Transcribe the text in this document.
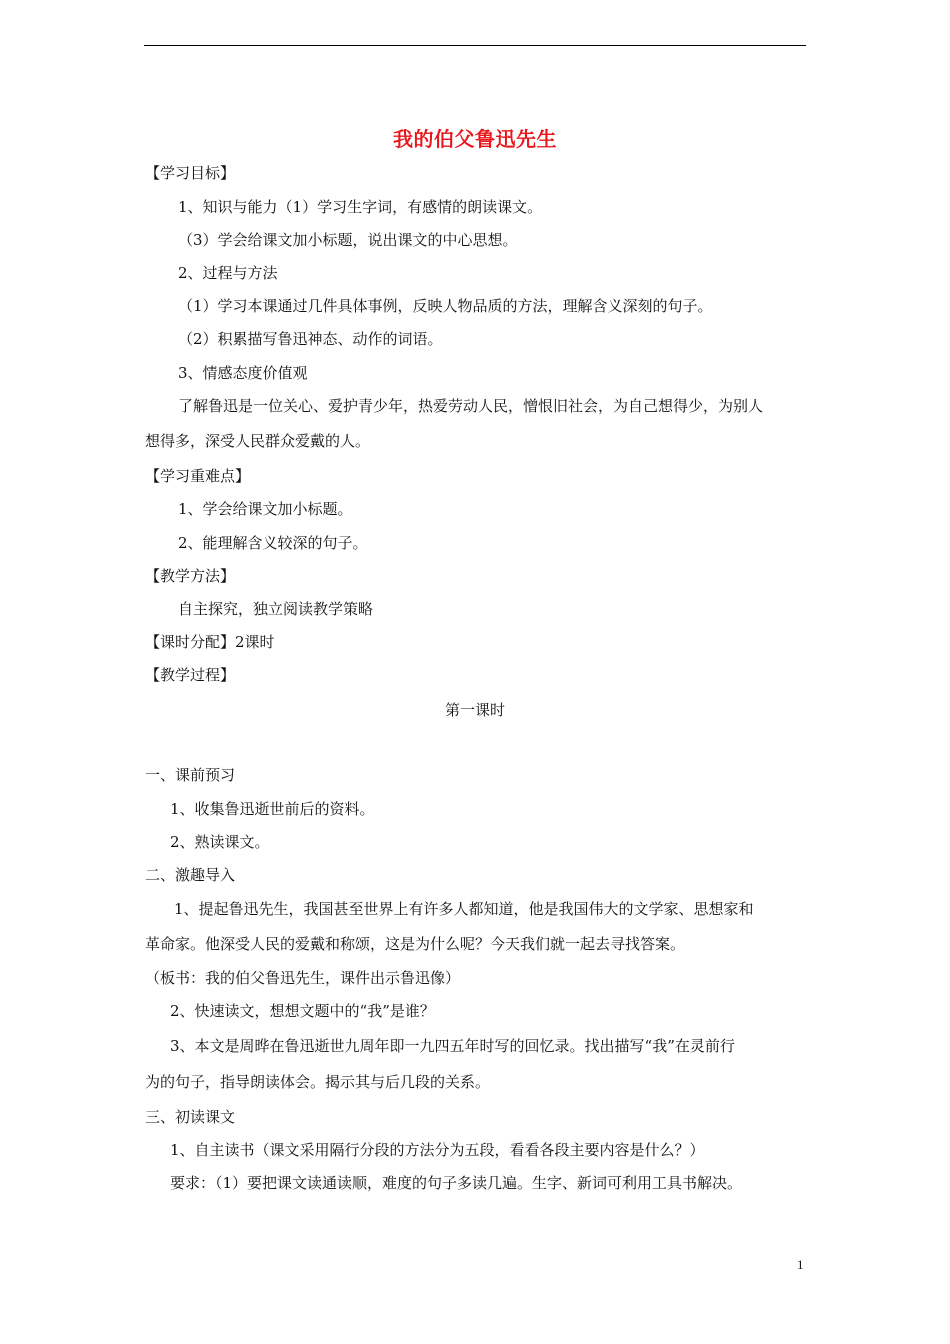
我的伯父鲁迅先生
【学习目标】
1、知识与能力（1）学习生字词，有感情的朗读课文。
（3）学会给课文加小标题，说出课文的中心思想。
2、过程与方法
（1）学习本课通过几件具体事例，反映人物品质的方法，理解含义深刻的句子。
（2）积累描写鲁迅神态、动作的词语。
3、情感态度价值观
了解鲁迅是一位关心、爱护青少年，热爱劳动人民，憎恨旧社会，为自己想得少，为别人
想得多，深受人民群众爱戴的人。
【学习重难点】
1、学会给课文加小标题。
2、能理解含义较深的句子。
【教学方法】
自主探究，独立阅读教学策略
【课时分配】2课时
【教学过程】
第一课时
一、课前预习
1、收集鲁迅逝世前后的资料。
2、熟读课文。
二、激趣导入
1、提起鲁迅先生，我国甚至世界上有许多人都知道，他是我国伟大的文学家、思想家和
革命家。他深受人民的爱戴和称颂，这是为什么呢？今天我们就一起去寻找答案。
（板书：我的伯父鲁迅先生，课件出示鲁迅像）
2、快速读文，想想文题中的“我”是谁？
3、本文是周晔在鲁迅逝世九周年即一九四五年时写的回忆录。找出描写“我”在灵前行
为的句子，指导朗读体会。揭示其与后几段的关系。
三、初读课文
1、自主读书（课文采用隔行分段的方法分为五段，看看各段主要内容是什么？）
要求：（1）要把课文读通读顺，难度的句子多读几遍。生字、新词可利用工具书解决。
1
